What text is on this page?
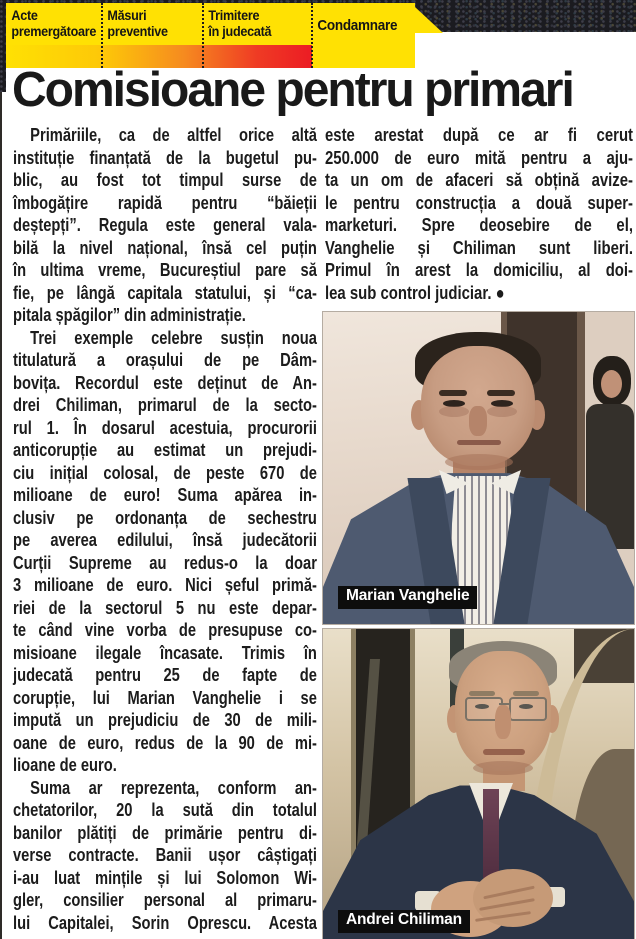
Acte
premergătoare
Măsuri
preventive
Trimitere
în judecată	Condamnare
Comisioane pentru primari
Primăriile, ca de altfel orice altă
instituție finanțată de la bugetul pu-
blic, au fost tot timpul surse de
îmbogățire rapidă pentru “băieții
deștepți”. Regula este general vala-
bilă la nivel național, însă cel puțin
în ultima vreme, Bucureștiul pare să
fie, pe lângă capitala statului, și “ca-
pitala șpăgilor” din administrație.
Trei exemple celebre susțin noua
titulatură a orașului de pe Dâm-
bovița. Recordul este deținut de An-
drei Chiliman, primarul de la secto-
rul 1. În dosarul acestuia, procurorii
anticorupție au estimat un prejudi-
ciu inițial colosal, de peste 670 de
milioane de euro! Suma apărea in-
clusiv pe ordonanța de sechestru
pe averea edilului, însă judecătorii
Curții Supreme au redus-o la doar
3 milioane de euro. Nici șeful primă-
riei de la sectorul 5 nu este depar-
te când vine vorba de presupuse co-
misioane ilegale încasate. Trimis în
judecată pentru 25 de fapte de
corupție, lui Marian Vanghelie i se
impută un prejudiciu de 30 de mili-
oane de euro, redus de la 90 de mi-
lioane de euro.
Suma ar reprezenta, conform an-
chetatorilor, 20 la sută din totalul
banilor plătiți de primărie pentru di-
verse contracte. Banii ușor câștigați
i-au luat mințile și lui Solomon Wi-
gler, consilier personal al primaru-
lui Capitalei, Sorin Oprescu. Acesta
este arestat după ce ar fi cerut
250.000 de euro mită pentru a aju-
ta un om de afaceri să obțină avize-
le pentru construcția a două super-
marketuri. Spre deosebire de el,
Vanghelie și Chiliman sunt liberi.
Primul în arest la domiciliu, al doi-
lea sub control judiciar. ●
Marian Vanghelie
Andrei Chiliman
